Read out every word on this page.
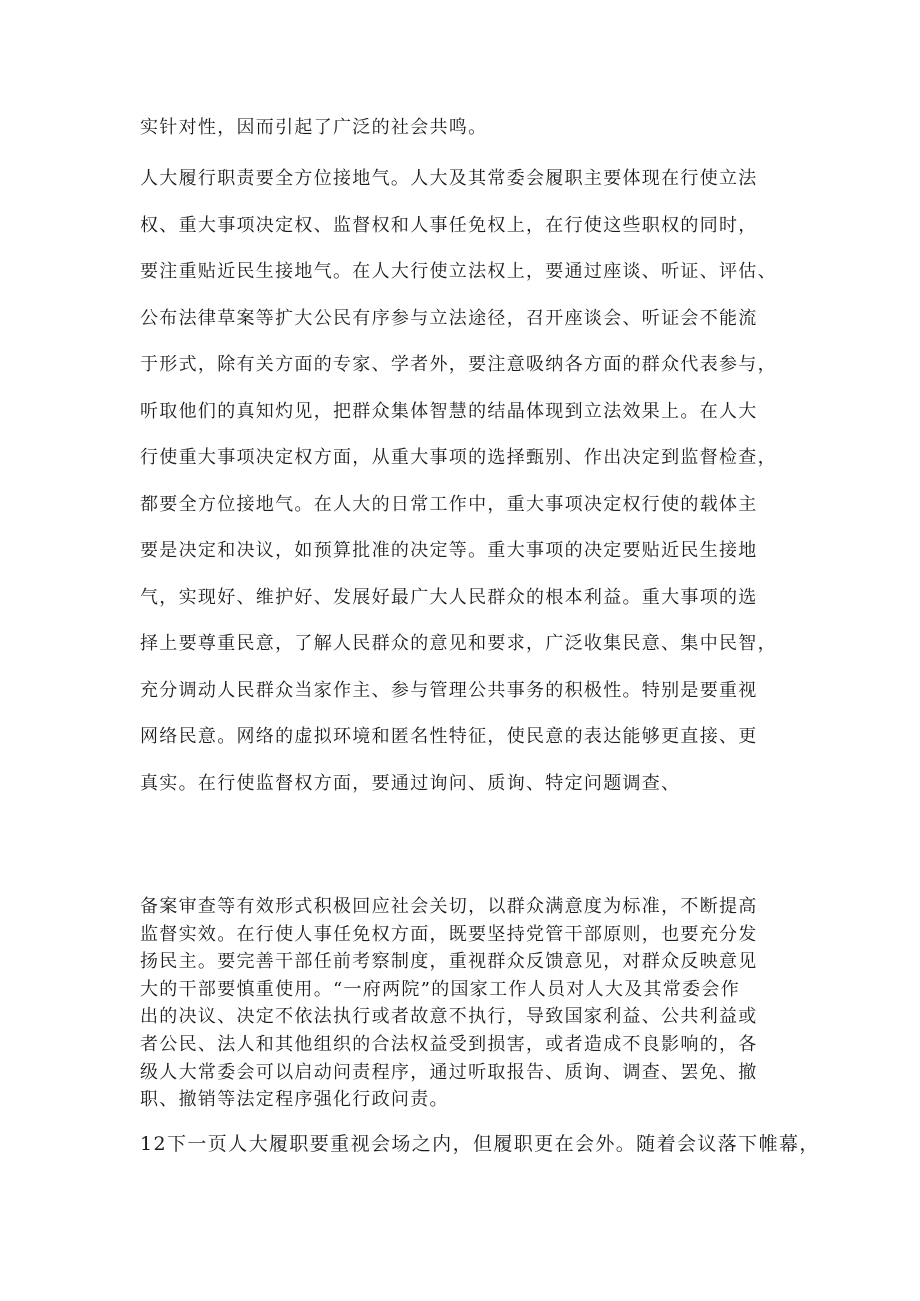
实针对性，因而引起了广泛的社会共鸣。

人大履行职责要全方位接地气。人大及其常委会履职主要体现在行使立法

权、重大事项决定权、监督权和人事任免权上，在行使这些职权的同时，

要注重贴近民生接地气。在人大行使立法权上，要通过座谈、听证、评估、

公布法律草案等扩大公民有序参与立法途径，召开座谈会、听证会不能流

于形式，除有关方面的专家、学者外，要注意吸纳各方面的群众代表参与，

听取他们的真知灼见，把群众集体智慧的结晶体现到立法效果上。在人大

行使重大事项决定权方面，从重大事项的选择甄别、作出决定到监督检查，

都要全方位接地气。在人大的日常工作中，重大事项决定权行使的载体主

要是决定和决议，如预算批准的决定等。重大事项的决定要贴近民生接地

气，实现好、维护好、发展好最广大人民群众的根本利益。重大事项的选

择上要尊重民意，了解人民群众的意见和要求，广泛收集民意、集中民智，

充分调动人民群众当家作主、参与管理公共事务的积极性。特别是要重视

网络民意。网络的虚拟环境和匿名性特征，使民意的表达能够更直接、更

真实。在行使监督权方面，要通过询问、质询、特定问题调查、

备案审查等有效形式积极回应社会关切，以群众满意度为标准，不断提高

监督实效。在行使人事任免权方面，既要坚持党管干部原则，也要充分发

扬民主。要完善干部任前考察制度，重视群众反馈意见，对群众反映意见

大的干部要慎重使用。“一府两院”的国家工作人员对人大及其常委会作

出的决议、决定不依法执行或者故意不执行，导致国家利益、公共利益或

者公民、法人和其他组织的合法权益受到损害，或者造成不良影响的，各

级人大常委会可以启动问责程序，通过听取报告、质询、调查、罢免、撤

职、撤销等法定程序强化行政问责。

12下一页人大履职要重视会场之内，但履职更在会外。随着会议落下帷幕，
